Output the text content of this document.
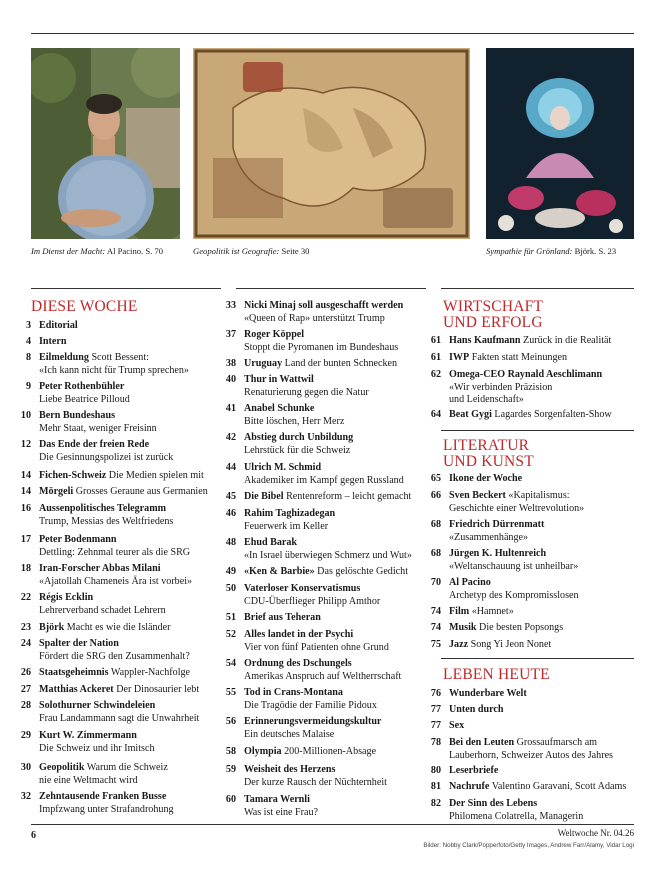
Im Dienst der Macht: Al Pacino. S. 70	Geopolitik ist Geografie: Seite 30	Sympathie für Grönland: Björk. S. 23
DIESE WOCHE	WIRTSCHAFT
UND ERFOLG
LITERATUR
UND KUNST
LEBEN HEUTE
3 Editorial
4 Intern
8 Eilmeldung Scott Bessent:
«Ich kann nicht für Trump sprechen»
9 Peter Rothenbühler
Liebe Beatrice Pilloud
10 Bern Bundeshaus
Mehr Staat, weniger Freisinn
12 Das Ende der freien Rede
Die Gesinnungspolizei ist zurück
14 Fichen-Schweiz Die Medien spielen mit
14 Mörgeli Grosses Geraune aus Germanien
16 Aussenpolitisches Telegramm
Trump, Messias des Weltfriedens
17 Peter Bodenmann
Dettling: Zehnmal teurer als die SRG
18 Iran-Forscher Abbas Milani
«Ajatollah Chameneis Ära ist vorbei»
22 Régis Ecklin
Lehrerverband schadet Lehrern
23 Björk Macht es wie die Isländer
24 Spalter der Nation
Fördert die SRG den Zusammenhalt?
26 Staatsgeheimnis Wappler-Nachfolge
27 Matthias Ackeret Der Dinosaurier lebt
28 Solothurner Schwindeleien
Frau Landammann sagt die Unwahrheit
29 Kurt W. Zimmermann
Die Schweiz und ihr Imitsch
30 Geopolitik Warum die Schweiz
nie eine Weltmacht wird
32 Zehntausende Franken Busse
Impfzwang unter Strafandrohung
33 Nicki Minaj soll ausgeschafft werden
«Queen of Rap» unterstützt Trump
37 Roger Köppel
Stoppt die Pyromanen im Bundeshaus
38 Uruguay Land der bunten Schnecken
40 Thur in Wattwil
Renaturierung gegen die Natur
41 Anabel Schunke
Bitte löschen, Herr Merz
42 Abstieg durch Unbildung
Lehrstück für die Schweiz
44 Ulrich M. Schmid
Akademiker im Kampf gegen Russland
45 Die Bibel Rentenreform – leicht gemacht
46 Rahim Taghizadegan
Feuerwerk im Keller
48 Ehud Barak
«In Israel überwiegen Schmerz und Wut»
49 «Ken & Barbie» Das gelöschte Gedicht
50 Vaterloser Konservatismus
CDU-Überflieger Philipp Amthor
51 Brief aus Teheran
52 Alles landet in der Psychi
Vier von fünf Patienten ohne Grund
54 Ordnung des Dschungels
Amerikas Anspruch auf Weltherrschaft
55 Tod in Crans-Montana
Die Tragödie der Familie Pidoux
56 Erinnerungsvermeidungskultur
Ein deutsches Malaise
58 Olympia 200-Millionen-Absage
59 Weisheit des Herzens
Der kurze Rausch der Nüchternheit
60 Tamara Wernli
Was ist eine Frau?
61 Hans Kaufmann Zurück in die Realität
61 IWP Fakten statt Meinungen
62 Omega-CEO Raynald Aeschlimann
«Wir verbinden Präzision
und Leidenschaft»
64 Beat Gygi Lagardes Sorgenfalten-Show
65 Ikone der Woche
66 Sven Beckert «Kapitalismus:
Geschichte einer Weltrevolution»
68 Friedrich Dürrenmatt
«Zusammenhänge»
68 Jürgen K. Hultenreich
«Weltanschauung ist unheilbar»
70 Al Pacino
Archetyp des Kompromisslosen
74 Film «Hamnet»
74 Musik Die besten Popsongs
75 Jazz Song Yi Jeon Nonet
76 Wunderbare Welt
77 Unten durch
77 Sex
78 Bei den Leuten Grossaufmarsch am
Lauberhorn, Schweizer Autos des Jahres
80 Leserbriefe
81 Nachrufe Valentino Garavani, Scott Adams
82 Der Sinn des Lebens
Philomena Colatrella, Managerin
6	Weltwoche Nr. 04.26
Bilder: Nobby Clark/Popperfoto/Getty Images, Andrew Farr/Alamy, Vidar Logi
